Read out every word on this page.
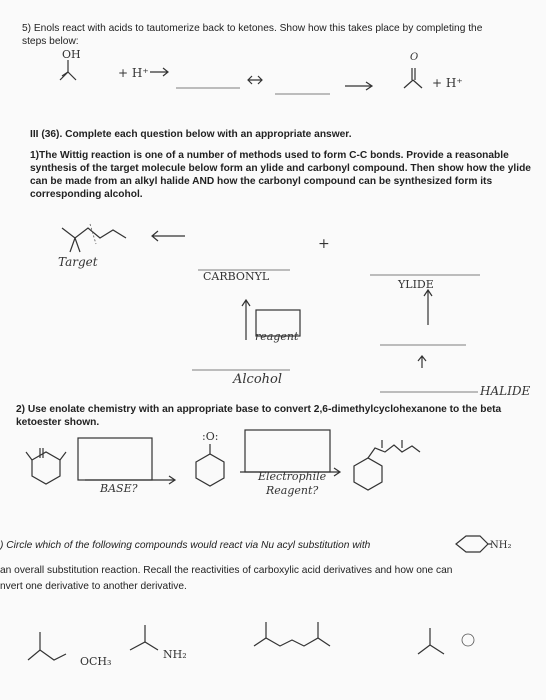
5) Enols react with acids to tautomerize back to ketones. Show how this takes place by completing the
steps below:
OH
+ H⁺
+ H⁺
O
III (36). Complete each question below with an appropriate answer.
1)The Wittig reaction is one of a number of methods used to form C-C bonds. Provide a reasonable
synthesis of the target molecule below form an ylide and carbonyl compound. Then show how the ylide
can be made from an alkyl halide AND how the carbonyl compound can be synthesized form its
corresponding alcohol.
Target
CARBONYL
YLIDE
+
reagent
Alcohol
HALIDE
2) Use enolate chemistry with an appropriate base to convert 2,6-dimethylcyclohexanone to the beta
ketoester shown.
:O:
BASE?
Electrophile
Reagent?
) Circle which of the following compounds would react via Nu acyl substitution with
an overall substitution reaction. Recall the reactivities of carboxylic acid derivatives and how one can
nvert one derivative to another derivative.
NH₂
OCH₃
NH₂
